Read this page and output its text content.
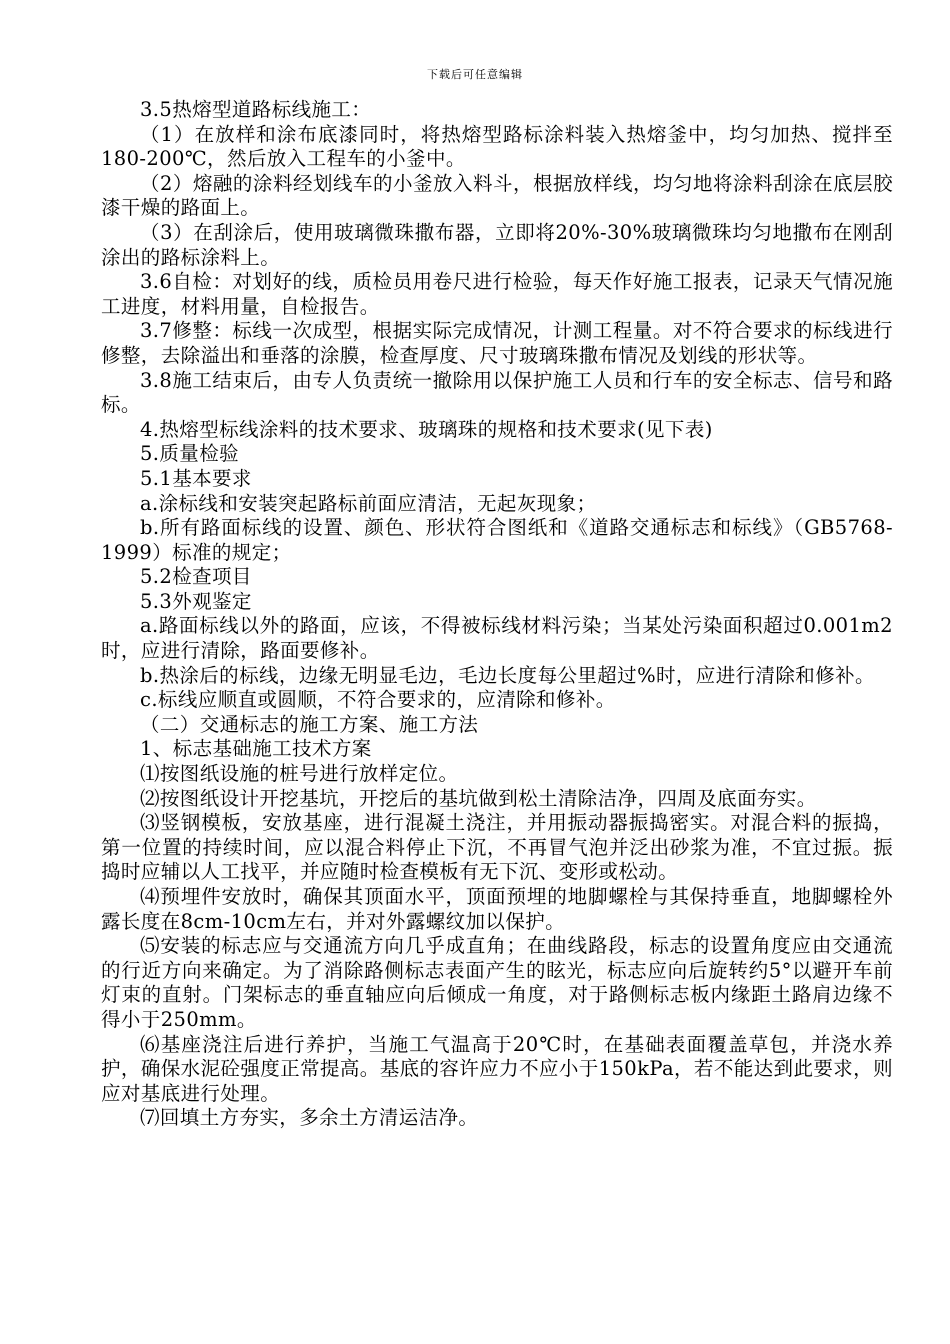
下载后可任意编辑

3.5热熔型道路标线施工：

（1）在放样和涂布底漆同时，将热熔型路标涂料装入热熔釜中，均匀加热、搅拌至180-200℃，然后放入工程车的小釜中。

（2）熔融的涂料经划线车的小釜放入料斗，根据放样线，均匀地将涂料刮涂在底层胶漆干燥的路面上。

（3）在刮涂后，使用玻璃微珠撒布器，立即将20%-30%玻璃微珠均匀地撒布在刚刮涂出的路标涂料上。

3.6自检：对划好的线，质检员用卷尺进行检验，每天作好施工报表，记录天气情况施工进度，材料用量，自检报告。

3.7修整：标线一次成型，根据实际完成情况，计测工程量。对不符合要求的标线进行修整，去除溢出和垂落的涂膜，检查厚度、尺寸玻璃珠撒布情况及划线的形状等。

3.8施工结束后，由专人负责统一撤除用以保护施工人员和行车的安全标志、信号和路标。

4.热熔型标线涂料的技术要求、玻璃珠的规格和技术要求(见下表)

5.质量检验

5.1基本要求

a.涂标线和安装突起路标前面应清洁，无起灰现象；

b.所有路面标线的设置、颜色、形状符合图纸和《道路交通标志和标线》（GB5768-1999）标准的规定；

5.2检查项目

5.3外观鉴定

a.路面标线以外的路面，应该，不得被标线材料污染；当某处污染面积超过0.001m2时，应进行清除，路面要修补。

b.热涂后的标线，边缘无明显毛边，毛边长度每公里超过%时，应进行清除和修补。

c.标线应顺直或圆顺，不符合要求的，应清除和修补。

（二）交通标志的施工方案、施工方法

1、标志基础施工技术方案

⑴按图纸设施的桩号进行放样定位。

⑵按图纸设计开挖基坑，开挖后的基坑做到松土清除洁净，四周及底面夯实。

⑶竖钢模板，安放基座，进行混凝土浇注，并用振动器振捣密实。对混合料的振捣，第一位置的持续时间，应以混合料停止下沉，不再冒气泡并泛出砂浆为准，不宜过振。振捣时应辅以人工找平，并应随时检查模板有无下沉、变形或松动。

⑷预埋件安放时，确保其顶面水平，顶面预埋的地脚螺栓与其保持垂直，地脚螺栓外露长度在8cm-10cm左右，并对外露螺纹加以保护。

⑸安装的标志应与交通流方向几乎成直角；在曲线路段，标志的设置角度应由交通流的行近方向来确定。为了消除路侧标志表面产生的眩光，标志应向后旋转约5°以避开车前灯束的直射。门架标志的垂直轴应向后倾成一角度，对于路侧标志板内缘距土路肩边缘不得小于250mm。

⑹基座浇注后进行养护，当施工气温高于20℃时，在基础表面覆盖草包，并浇水养护，确保水泥砼强度正常提高。基底的容许应力不应小于150kPa，若不能达到此要求，则应对基底进行处理。

⑺回填土方夯实，多余土方清运洁净。
